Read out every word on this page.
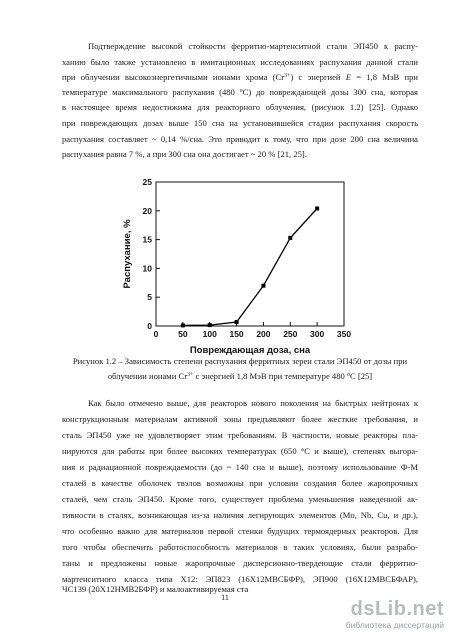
Подтверждение высокой стойкости ферритно-мартенситной стали ЭП450 к распу-
ханию было также установлено в имитационных исследованиях распухания данной стали
при облучении высокоэнергетичными ионами хрома $(Cr^{3+})$ с энергией E = 1,8 МэВ при
температуре максимального распухания (480 $^о$С) до повреждающей дозы 300 сна, которая
в настоящее время недостижима для реакторного облучения, (рисунок 1.2) [25]. Однако
при повреждающих дозах выше 150 сна на установившейся стадии распухания скорость
распухания составляет ~ 0,14 %/сна. Это приводит к тому, что при дозе 200 сна величина
распухания равна 7 %, а при 300 сна она достигает ~ 20 % [21, 25].
0 50 100 150 200 250 300 350
0
5
10
15
20
25
Повреждающая доза, сна
Распухание, %
Рисунок 1.2 – Зависимость степени распухания ферритных зерен стали ЭП450 от дозы при
облучении ионами $Cr^{3+}$ с энергией 1,8 МэВ при температуре 480 $^о$С [25]
Как было отмечено выше, для реакторов нового поколения на быстрых нейтронах к
конструкционным материалам активной зоны предъявляют более жесткие требования, и
сталь ЭП450 уже не удовлетворяет этим требованиям. В частности, новые реакторы пла-
нируются для работы при более высоких температурах (650 °С и выше), степенях выгора-
ния и радиационной повреждаемости (до ~ 140 сна и выше), поэтому использование Ф-М
сталей в качестве оболочек твэлов возможны при условии создания более жаропрочных
сталей, чем сталь ЭП450. Кроме того, существует проблема уменьшения наведенной ак-
тивности в сталях, возникающая из-за наличия легирующих элементов (Mo, Nb, Cu, и др.),
что особенно важно для материалов первой стенки будущих термоядерных реакторов. Для
того чтобы обеспечить работоспособность материалов в таких условиях, были разрабо-
таны и предложены новые жаропрочные дисперсионно-твердеющие стали ферритно-
мартенситного класса типа Х12: ЭП823 (16Х12МВСБФР), ЭП900 (16Х12МВСБФАР),
ЧС139 (20Х12НМВ2БФР) и малоактивируемая ста
11
dsLib.net
библиотека диссертаций
